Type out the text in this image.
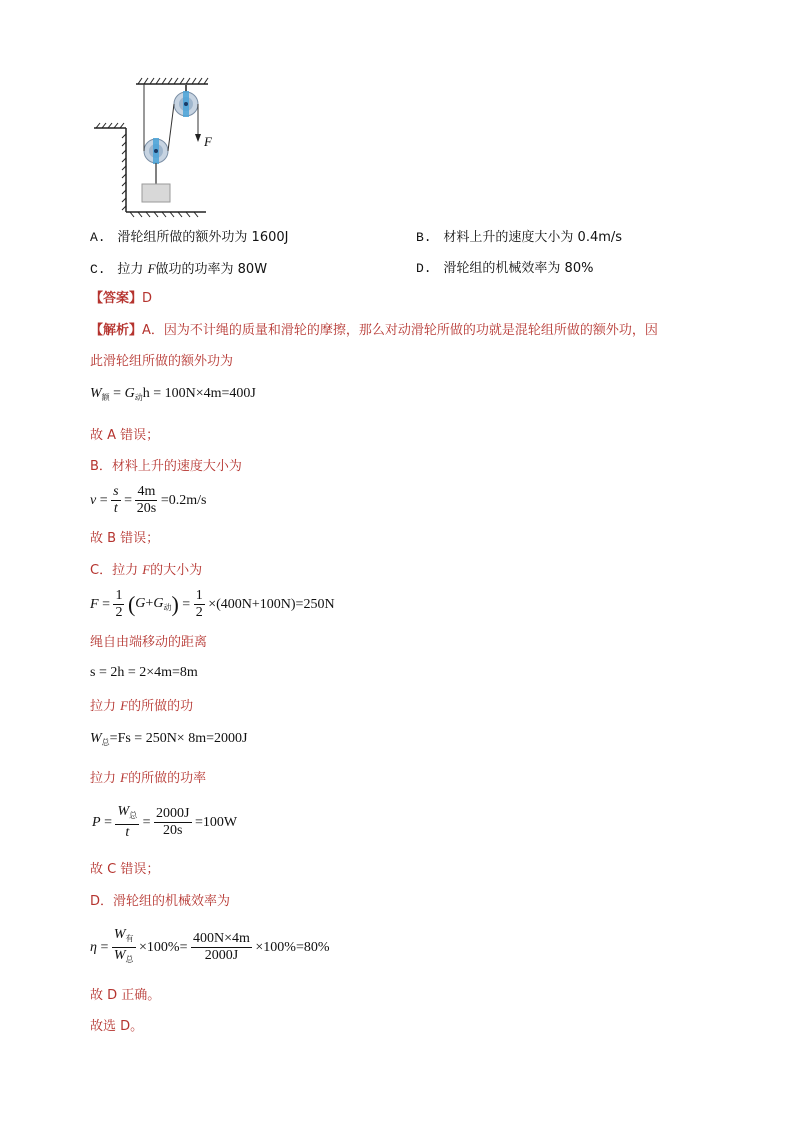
F
A. 滑轮组所做的额外功为 1600J	B. 材料上升的速度大小为 0.4m/s
C. 拉力 F做功的功率为 80W	D. 滑轮组的机械效率为 80%
【答案】D
【解析】A．因为不计绳的质量和滑轮的摩擦，那么对动滑轮所做的功就是混轮组所做的额外功，因
此滑轮组所做的额外功为
$W_额 = G_动h = 100N\times 4m=400J$
故 A 错误；
B．材料上升的速度大小为
$v = \frac{s}{t} = \frac{4m}{20s} =0.2m/s$
故 B 错误；
C．拉力 F的大小为
$F = \frac{1}{2} (G+G_动) = \frac{1}{2} \times(400N+100N)=250N$
绳自由端移动的距离
s = 2h = 2×4m=8m
拉力 F的所做的功
$W_总=Fs = 250N\times 8m=2000J$
拉力 F的所做的功率
$P = \frac{W_总}{t} = \frac{2000J}{20s} =100W$
故 C 错误；
D．滑轮组的机械效率为
$\eta = \frac{W_有}{W_总} \times 100\%= \frac{400N\times 4m}{2000J} \times 100\%=80\%$
故 D 正确。
故选 D。
